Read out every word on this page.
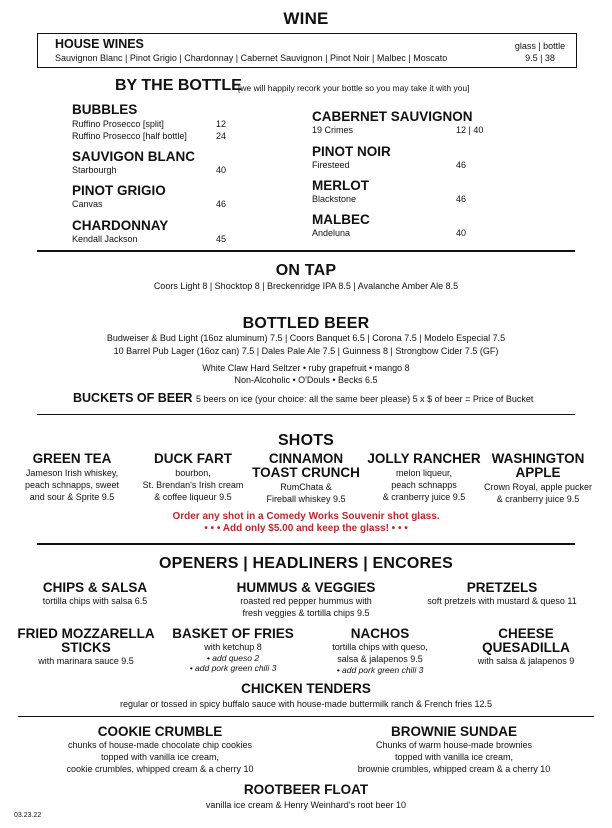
WINE
HOUSE WINES
Sauvignon Blanc | Pinot Grigio | Chardonnay | Cabernet Sauvignon | Pinot Noir | Malbec | Moscato
glass | bottle
9.5 | 38
BY THE BOTTLE
[we will happily recork your bottle so you may take it with you]
BUBBLES
Ruffino Prosecco [split]	12
Ruffino Prosecco [half bottle]	24
SAUVIGON BLANC
Starbourgh	40
PINOT GRIGIO
Canvas	46
CHARDONNAY
Kendall Jackson	45
CABERNET SAUVIGNON
19 Crimes	12 | 40
PINOT NOIR
Firesteed	46
MERLOT
Blackstone	46
MALBEC
Andeluna	40
ON TAP
Coors Light 8 | Shocktop 8 | Breckenridge IPA 8.5 | Avalanche Amber Ale 8.5
BOTTLED BEER
Budweiser & Bud Light (16oz aluminum) 7.5 | Coors Banquet 6.5 | Corona 7.5 | Modelo Especial 7.5
10 Barrel Pub Lager (16oz can) 7.5 | Dales Pale Ale 7.5 | Guinness 8 | Strongbow Cider 7.5 (GF)
White Claw Hard Seltzer • ruby grapefruit • mango 8
Non-Alcoholic • O'Douls • Becks 6.5
BUCKETS OF BEER 5 beers on ice (your choice: all the same beer please) 5 x $ of beer = Price of Bucket
SHOTS
GREEN TEA
Jameson Irish whiskey,
peach schnapps, sweet
and sour & Sprite 9.5
DUCK FART
bourbon,
St. Brendan's Irish cream
& coffee liqueur 9.5
CINNAMON
TOAST CRUNCH
RumChata &
Fireball whiskey 9.5
JOLLY RANCHER
melon liqueur,
peach schnapps
& cranberry juice 9.5
WASHINGTON
APPLE
Crown Royal, apple pucker
& cranberry juice 9.5
Order any shot in a Comedy Works Souvenir shot glass.
• • • Add only $5.00 and keep the glass! • • •
OPENERS | HEADLINERS | ENCORES
CHIPS & SALSA
tortilla chips with salsa 6.5
HUMMUS & VEGGIES
roasted red pepper hummus with
fresh veggies & tortilla chips 9.5
PRETZELS
soft pretzels with mustard & queso 11
FRIED MOZZARELLA
STICKS
with marinara sauce 9.5
BASKET OF FRIES
with ketchup 8
• add queso 2
• add pork green chili 3
NACHOS
tortilla chips with queso,
salsa & jalapenos 9.5
• add pork green chili 3
CHEESE
QUESADILLA
with salsa & jalapenos 9
CHICKEN TENDERS
regular or tossed in spicy buffalo sauce with house-made buttermilk ranch & French fries 12.5
COOKIE CRUMBLE
chunks of house-made chocolate chip cookies
topped with vanilla ice cream,
cookie crumbles, whipped cream & a cherry 10
BROWNIE SUNDAE
Chunks of warm house-made brownies
topped with vanilla ice cream,
brownie crumbles, whipped cream & a cherry 10
ROOTBEER FLOAT
vanilla ice cream & Henry Weinhard's root beer 10
03.23.22
